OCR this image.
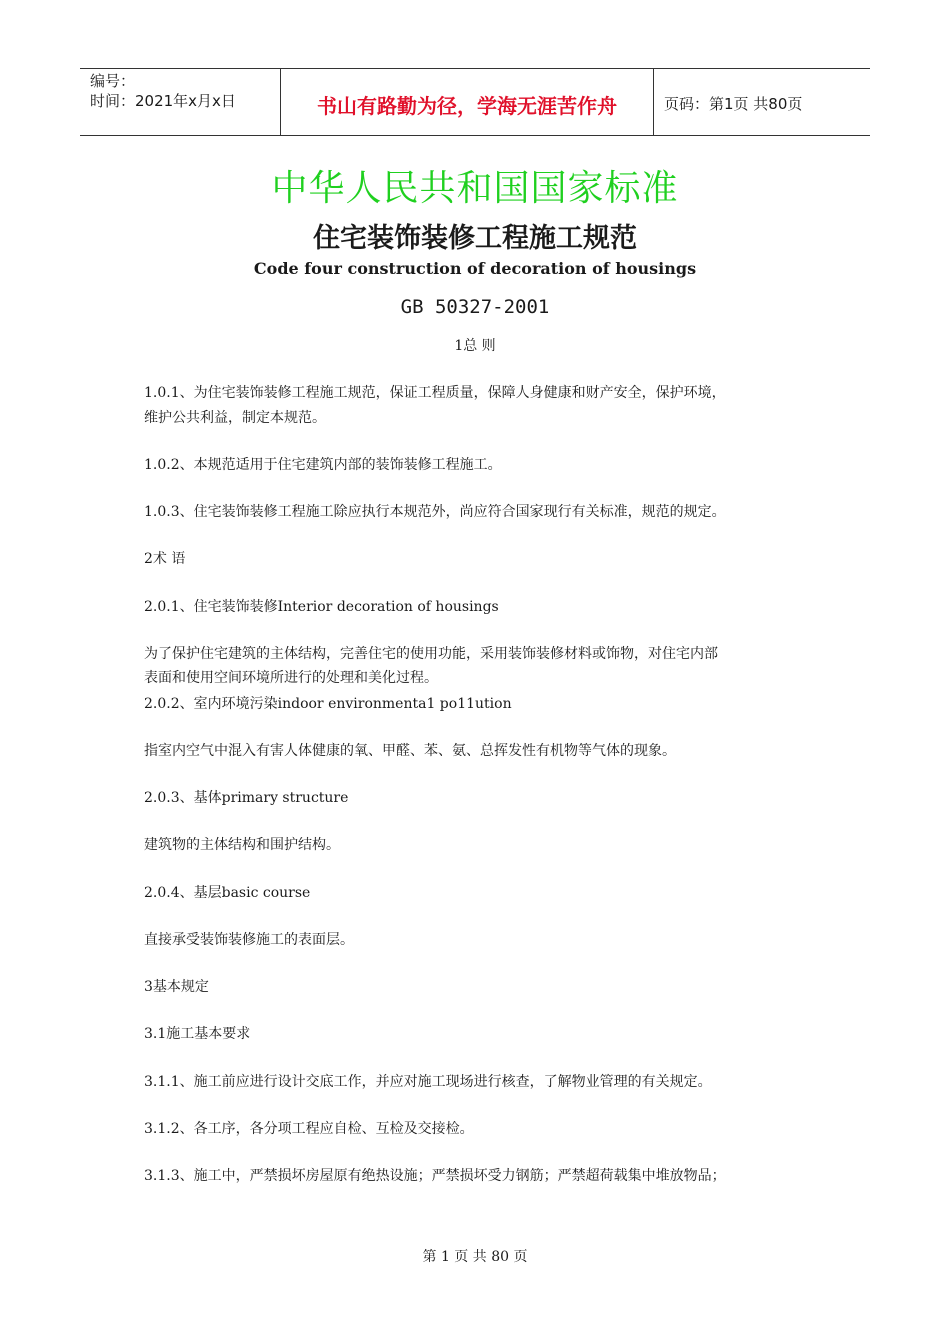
编号：
时间：2021年x月x日	书山有路勤为径，学海无涯苦作舟	页码：第1页 共80页
中华人民共和国国家标准
住宅装饰装修工程施工规范
Code four construction of decoration of housings
GB 50327-2001
1总 则
1.0.1、为住宅装饰装修工程施工规范，保证工程质量，保障人身健康和财产安全，保护环境，
维护公共利益，制定本规范。
1.0.2、本规范适用于住宅建筑内部的装饰装修工程施工。
1.0.3、住宅装饰装修工程施工除应执行本规范外，尚应符合国家现行有关标准，规范的规定。
2术 语
2.0.1、住宅装饰装修Interior decoration of housings
为了保护住宅建筑的主体结构，完善住宅的使用功能，采用装饰装修材料或饰物，对住宅内部
表面和使用空间环境所进行的处理和美化过程。
2.0.2、室内环境污染indoor environmenta1 po11ution
指室内空气中混入有害人体健康的氧、甲醛、苯、氨、总挥发性有机物等气体的现象。
2.0.3、基体primary structure
建筑物的主体结构和围护结构。
2.0.4、基层basic course
直接承受装饰装修施工的表面层。
3基本规定
3.1施工基本要求
3.1.1、施工前应进行设计交底工作，并应对施工现场进行核查，了解物业管理的有关规定。
3.1.2、各工序，各分项工程应自检、互检及交接检。
3.1.3、施工中，严禁损坏房屋原有绝热设施；严禁损坏受力钢筋；严禁超荷载集中堆放物品；
第 1 页 共 80 页
